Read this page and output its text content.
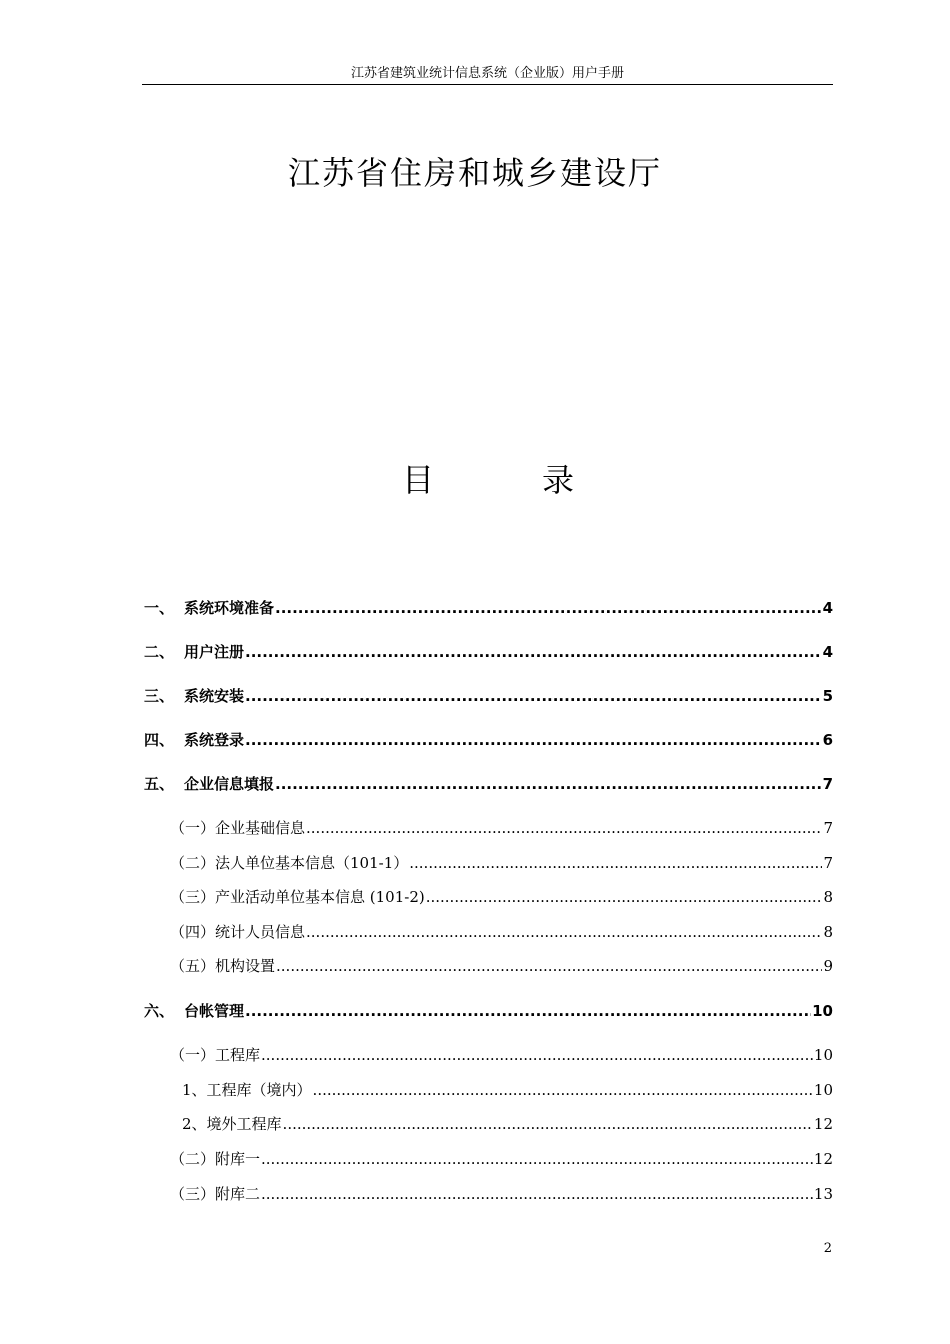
江苏省建筑业统计信息系统（企业版）用户手册
江苏省住房和城乡建设厅
目	录
一、 系统环境准备 .....	4
二、 用户注册 .....	4
三、 系统安装 .....	5
四、 系统登录 .....	6
五、 企业信息填报 .....	7
（一）企业基础信息 .....	7
（二）法人单位基本信息（101-1） .....	7
（三）产业活动单位基本信息 (101-2) .....	8
（四）统计人员信息 .....	8
（五）机构设置 .....	9
六、 台帐管理 .....	10
（一）工程库 .....	10
1、工程库（境内） .....	10
2、境外工程库 .....	12
（二）附库一 .....	12
（三）附库二 .....	13
2
